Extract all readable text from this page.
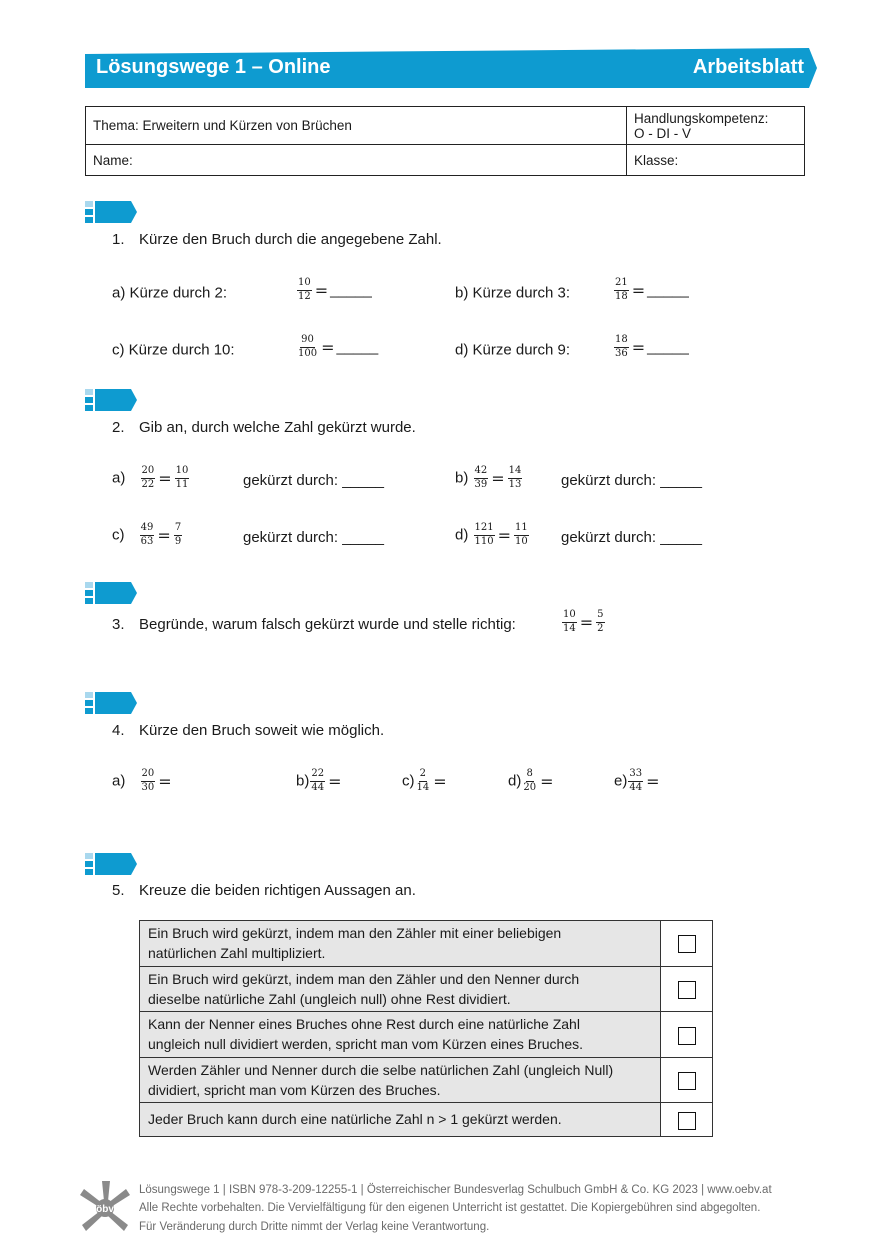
Lösungswege 1 – Online	Arbeitsblatt
Thema: Erweitern und Kürzen von Brüchen	Handlungskompetenz:
O - DI - V

Name:	Klasse:
1. Kürze den Bruch durch die angegebene Zahl.
a) Kürze durch 2:	$\frac{10}{12}$ = _____	b) Kürze durch 3:	$\frac{21}{18}$ = _____
c) Kürze durch 10:	$\frac{90}{100}$ = _____	d) Kürze durch 9:	$\frac{18}{36}$ = _____
2. Gib an, durch welche Zahl gekürzt wurde.
$a) \frac{20}{22} = \frac{10}{11}$	gekürzt durch: _____	$b) \frac{42}{39} = \frac{14}{13}$	gekürzt durch: _____
$c) \frac{49}{63} = \frac{7}{9}$	gekürzt durch: _____	$d) \frac{121}{110} = \frac{11}{10}$ gekürzt durch: _____
3. Begründe, warum falsch gekürzt wurde und stelle richtig:	$\frac{10}{14} = \frac{5}{2}$
4. Kürze den Bruch soweit wie möglich.
$a) \frac{20}{30}$ =	$b) \frac{22}{44}$ =	$c) \frac{2}{14}$ =	$d) \frac{8}{20}$ =	$e) \frac{33}{44}$ =
5. Kreuze die beiden richtigen Aussagen an.
Ein Bruch wird gekürzt, indem man den Zähler mit einer beliebigen
natürlichen Zahl multipliziert.	

Ein Bruch wird gekürzt, indem man den Zähler und den Nenner durch
dieselbe natürliche Zahl (ungleich null) ohne Rest dividiert.	

Kann der Nenner eines Bruches ohne Rest durch eine natürliche Zahl
ungleich null dividiert werden, spricht man vom Kürzen eines Bruches.	

Werden Zähler und Nenner durch die selbe natürlichen Zahl (ungleich Null)
dividiert, spricht man vom Kürzen des Bruches.	

Jeder Bruch kann durch eine natürliche Zahl n > 1 gekürzt werden.	

öbv
Lösungswege 1 | ISBN 978-3-209-12255-1 | Österreichischer Bundesverlag Schulbuch GmbH & Co. KG 2023 | www.oebv.at
Alle Rechte vorbehalten. Die Vervielfältigung für den eigenen Unterricht ist gestattet. Die Kopiergebühren sind abgegolten.
Für Veränderung durch Dritte nimmt der Verlag keine Verantwortung.
